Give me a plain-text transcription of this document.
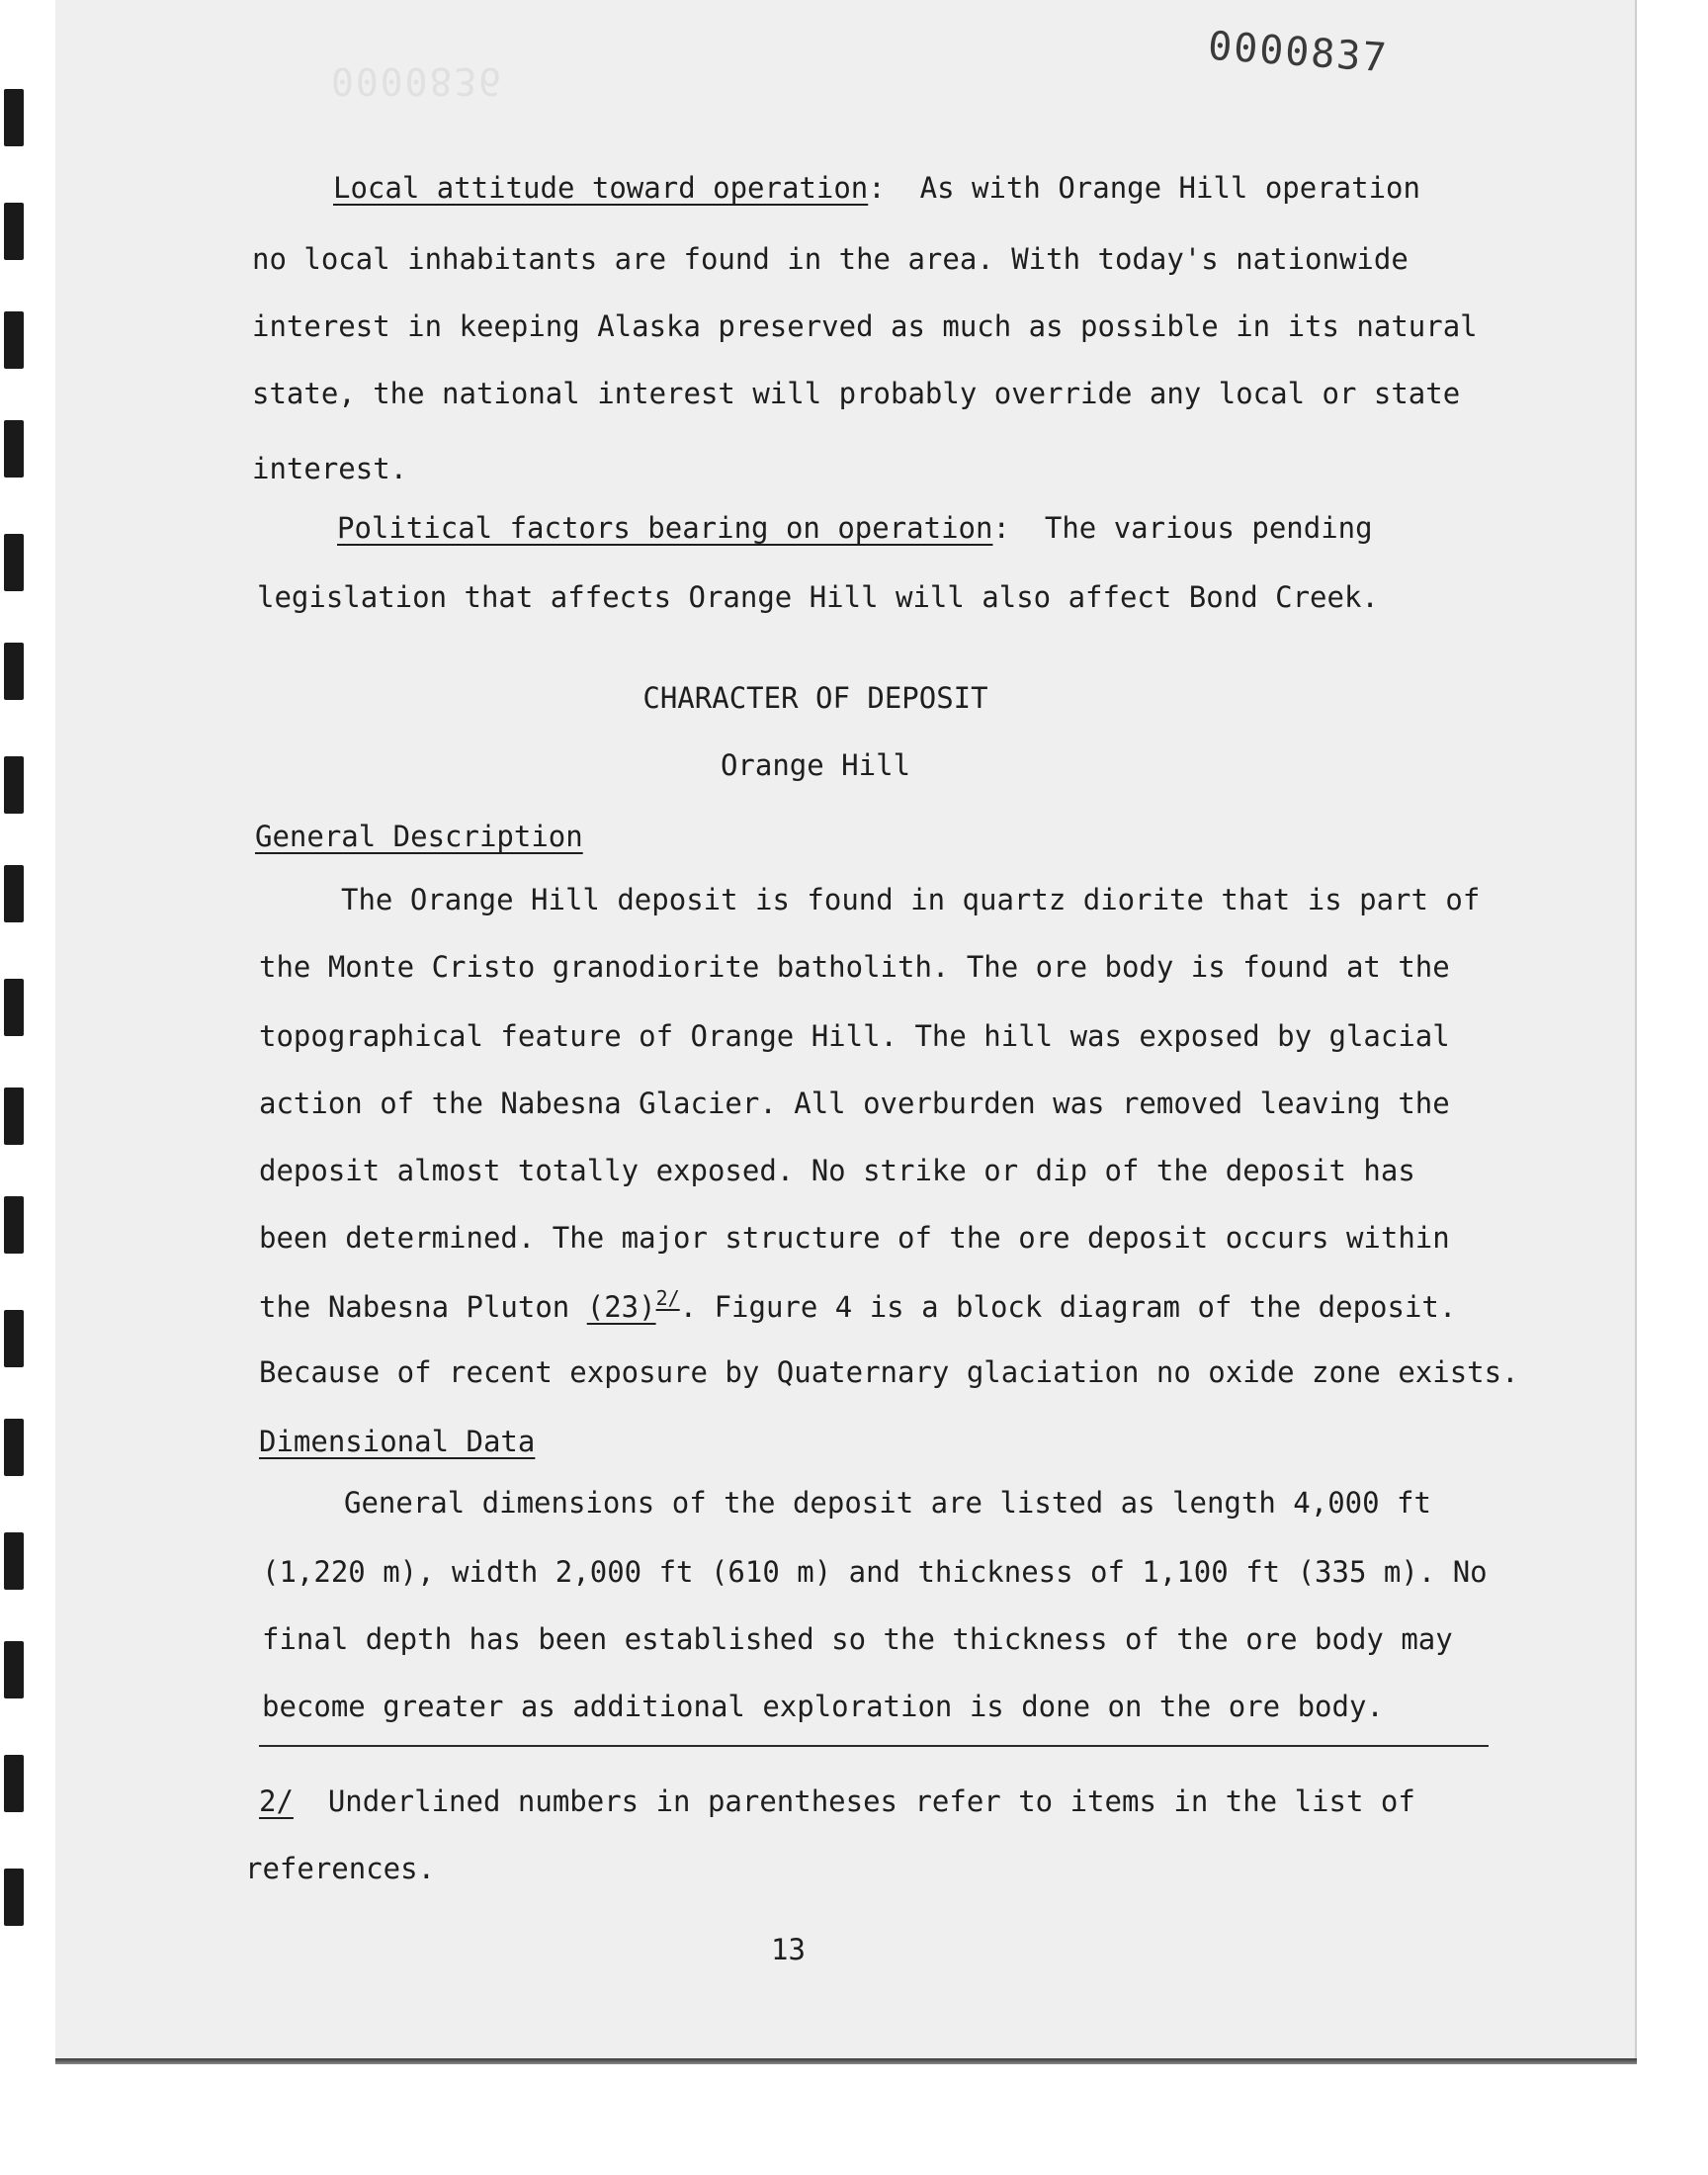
0000836	0000837
Local attitude toward operation: As with Orange Hill operation
no local inhabitants are found in the area. With today's nationwide
interest in keeping Alaska preserved as much as possible in its natural
state, the national interest will probably override any local or state
interest.
Political factors bearing on operation: The various pending
legislation that affects Orange Hill will also affect Bond Creek.
CHARACTER OF DEPOSIT
Orange Hill
General Description
The Orange Hill deposit is found in quartz diorite that is part of
the Monte Cristo granodiorite batholith. The ore body is found at the
topographical feature of Orange Hill. The hill was exposed by glacial
action of the Nabesna Glacier. All overburden was removed leaving the
deposit almost totally exposed. No strike or dip of the deposit has
been determined. The major structure of the ore deposit occurs within
the Nabesna Pluton $(23)^{2/}$. Figure 4 is a block diagram of the deposit.
Because of recent exposure by Quaternary glaciation no oxide zone exists.
Dimensional Data
General dimensions of the deposit are listed as length 4,000 ft
(1,220 m), width 2,000 ft (610 m) and thickness of 1,100 ft (335 m). No
final depth has been established so the thickness of the ore body may
become greater as additional exploration is done on the ore body.
2/ Underlined numbers in parentheses refer to items in the list of
references.
13
